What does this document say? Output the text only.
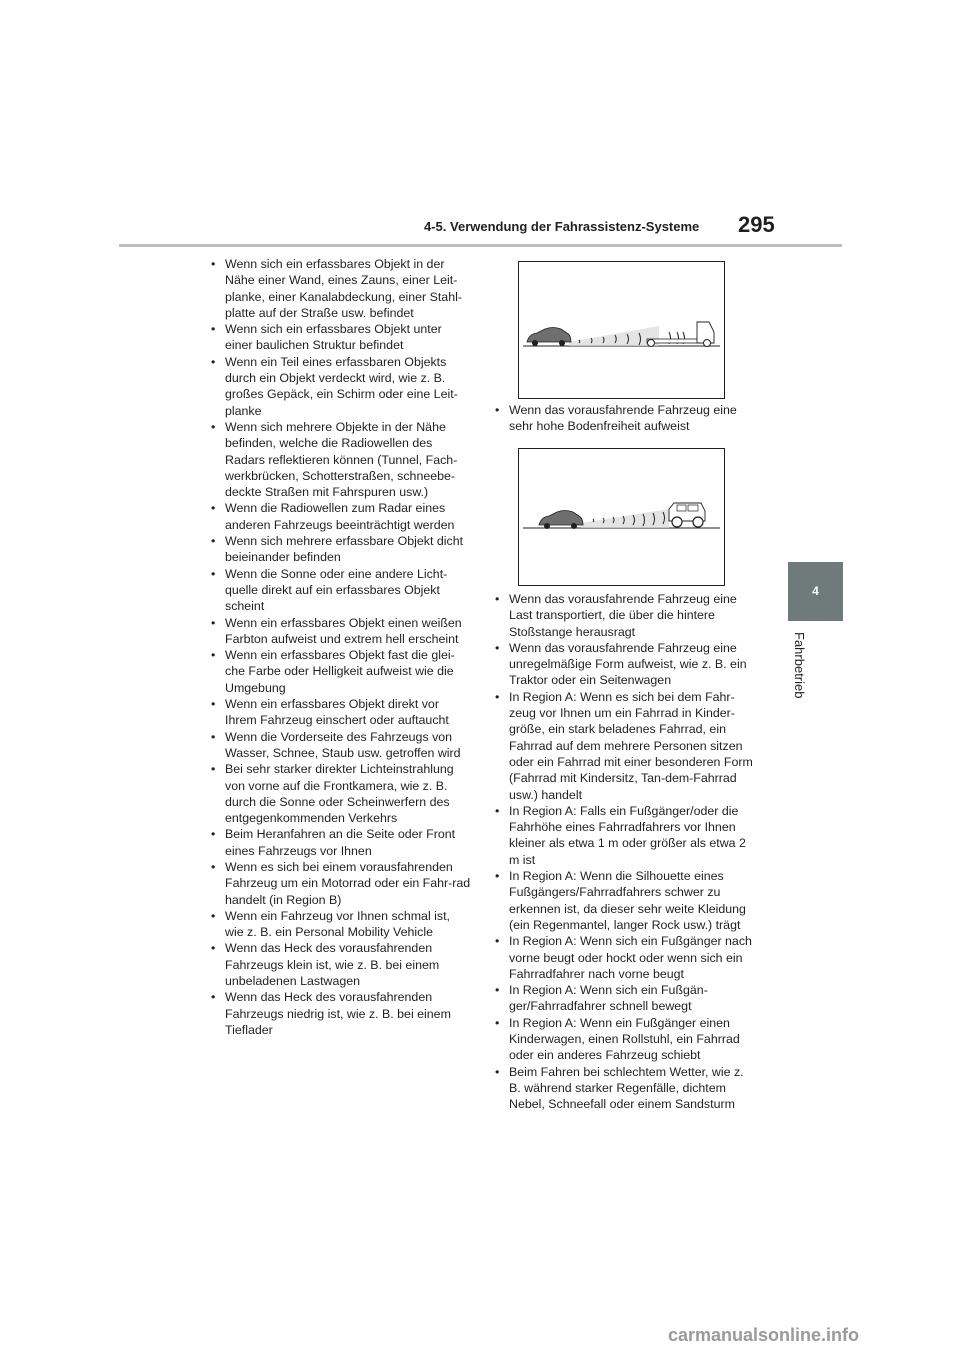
4-5. Verwendung der Fahrassistenz-Systeme 295
4
Fahrbetrieb
• Wenn sich ein erfassbares Objekt in der Nähe einer Wand, eines Zauns, einer Leit-planke, einer Kanalabdeckung, einer Stahl-platte auf der Straße usw. befindet
• Wenn sich ein erfassbares Objekt unter einer baulichen Struktur befindet
• Wenn ein Teil eines erfassbaren Objekts durch ein Objekt verdeckt wird, wie z. B. großes Gepäck, ein Schirm oder eine Leit-planke
• Wenn sich mehrere Objekte in der Nähe befinden, welche die Radiowellen des Radars reflektieren können (Tunnel, Fach-werkbrücken, Schotterstraßen, schneebe-deckte Straßen mit Fahrspuren usw.)
• Wenn die Radiowellen zum Radar eines anderen Fahrzeugs beeinträchtigt werden
• Wenn sich mehrere erfassbare Objekt dicht beieinander befinden
• Wenn die Sonne oder eine andere Licht-quelle direkt auf ein erfassbares Objekt scheint
• Wenn ein erfassbares Objekt einen weißen Farbton aufweist und extrem hell erscheint
• Wenn ein erfassbares Objekt fast die glei-che Farbe oder Helligkeit aufweist wie die Umgebung
• Wenn ein erfassbares Objekt direkt vor Ihrem Fahrzeug einschert oder auftaucht
• Wenn die Vorderseite des Fahrzeugs von Wasser, Schnee, Staub usw. getroffen wird
• Bei sehr starker direkter Lichteinstrahlung von vorne auf die Frontkamera, wie z. B. durch die Sonne oder Scheinwerfern des entgegenkommenden Verkehrs
• Beim Heranfahren an die Seite oder Front eines Fahrzeugs vor Ihnen
• Wenn es sich bei einem vorausfahrenden Fahrzeug um ein Motorrad oder ein Fahr-rad handelt (in Region B)
• Wenn ein Fahrzeug vor Ihnen schmal ist, wie z. B. ein Personal Mobility Vehicle
• Wenn das Heck des vorausfahrenden Fahrzeugs klein ist, wie z. B. bei einem unbeladenen Lastwagen
• Wenn das Heck des vorausfahrenden Fahrzeugs niedrig ist, wie z. B. bei einem Tieflader
• Wenn das vorausfahrende Fahrzeug eine sehr hohe Bodenfreiheit aufweist
• Wenn das vorausfahrende Fahrzeug eine Last transportiert, die über die hintere Stoßstange herausragt
• Wenn das vorausfahrende Fahrzeug eine unregelmäßige Form aufweist, wie z. B. ein Traktor oder ein Seitenwagen
• In Region A: Wenn es sich bei dem Fahr-zeug vor Ihnen um ein Fahrrad in Kinder-größe, ein stark beladenes Fahrrad, ein Fahrrad auf dem mehrere Personen sitzen oder ein Fahrrad mit einer besonderen Form (Fahrrad mit Kindersitz, Tan-dem-Fahrrad usw.) handelt
• In Region A: Falls ein Fußgänger/oder die Fahrhöhe eines Fahrradfahrers vor Ihnen kleiner als etwa 1 m oder größer als etwa 2 m ist
• In Region A: Wenn die Silhouette eines Fußgängers/Fahrradfahrers schwer zu erkennen ist, da dieser sehr weite Kleidung (ein Regenmantel, langer Rock usw.) trägt
• In Region A: Wenn sich ein Fußgänger nach vorne beugt oder hockt oder wenn sich ein Fahrradfahrer nach vorne beugt
• In Region A: Wenn sich ein Fußgän-ger/Fahrradfahrer schnell bewegt
• In Region A: Wenn ein Fußgänger einen Kinderwagen, einen Rollstuhl, ein Fahrrad oder ein anderes Fahrzeug schiebt
• Beim Fahren bei schlechtem Wetter, wie z. B. während starker Regenfälle, dichtem Nebel, Schneefall oder einem Sandsturm
carmanualsonline.info
